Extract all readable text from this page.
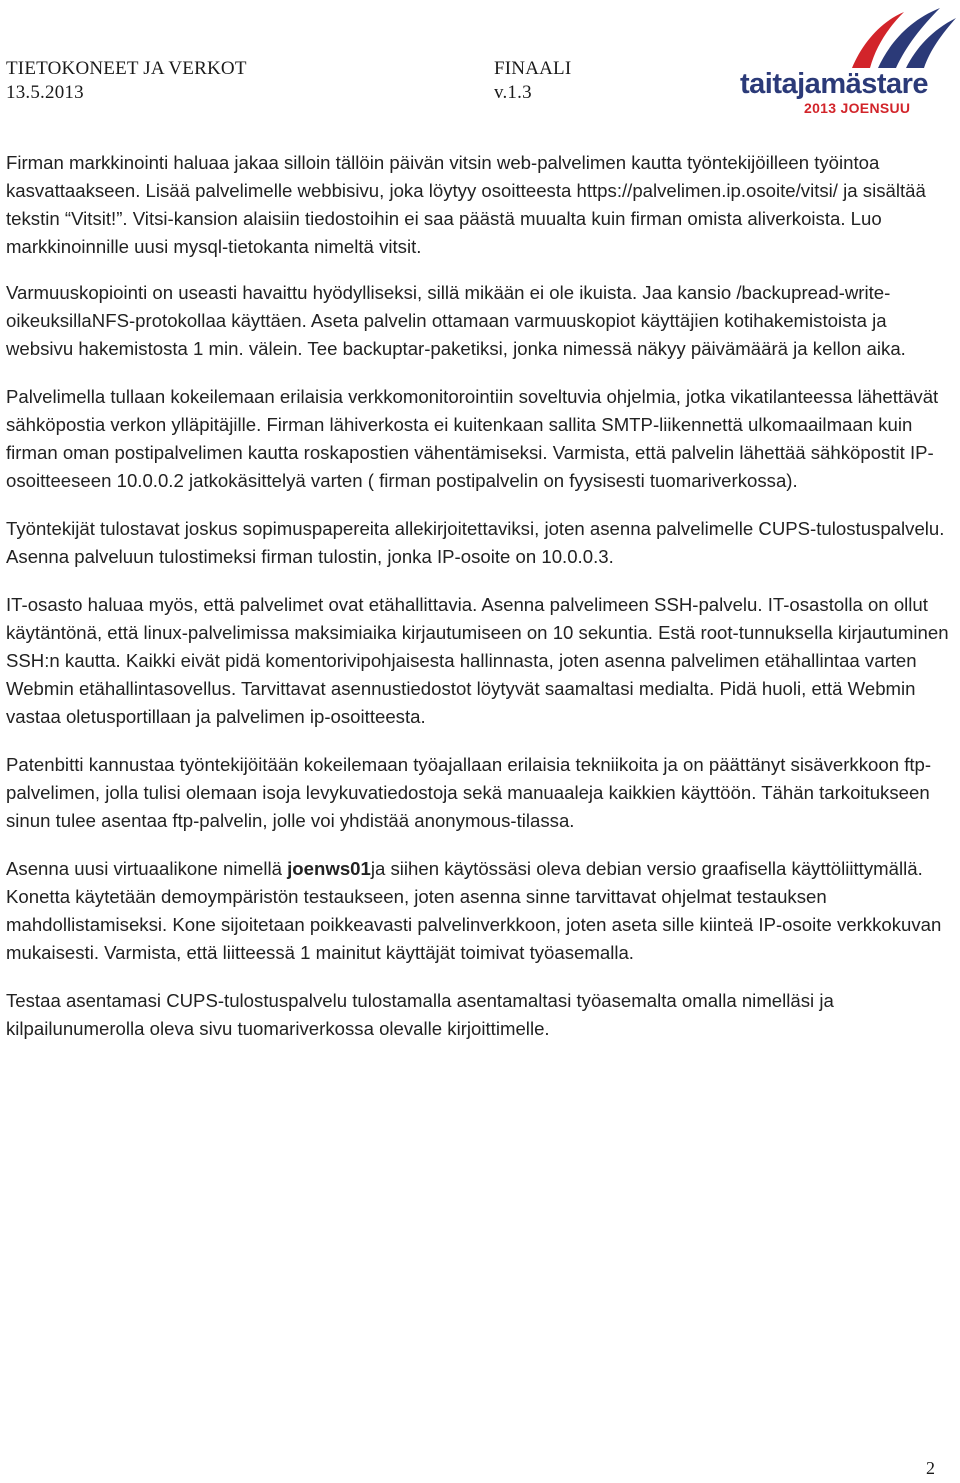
TIETOKONEET JA VERKOT
13.5.2013
FINAALI
v.1.3	taitajamästare
2013 JOENSUU

Firman markkinointi haluaa jakaa silloin tällöin päivän vitsin web-palvelimen kautta työntekijöilleen työintoa kasvattaakseen. Lisää palvelimelle webbisivu, joka löytyy osoitteesta https://palvelimen.ip.osoite/vitsi/ ja sisältää tekstin “Vitsit!”. Vitsi-kansion alaisiin tiedostoihin ei saa päästä muualta kuin firman omista aliverkoista. Luo markkinoinnille uusi mysql-tietokanta nimeltä vitsit.

Varmuuskopiointi on useasti havaittu hyödylliseksi, sillä mikään ei ole ikuista. Jaa kansio /backupread-write-oikeuksillaNFS-protokollaa käyttäen. Aseta palvelin ottamaan varmuuskopiot käyttäjien kotihakemistoista ja websivu hakemistosta 1 min. välein. Tee backuptar-paketiksi, jonka nimessä näkyy päivämäärä ja kellon aika.

Palvelimella tullaan kokeilemaan erilaisia verkkomonitorointiin soveltuvia ohjelmia, jotka vikatilanteessa lähettävät sähköpostia verkon ylläpitäjille. Firman lähiverkosta ei kuitenkaan sallita SMTP-liikennettä ulkomaailmaan kuin firman oman postipalvelimen kautta roskapostien vähentämiseksi. Varmista, että palvelin lähettää sähköpostit IP-osoitteeseen 10.0.0.2 jatkokäsittelyä varten ( firman postipalvelin on fyysisesti tuomariverkossa).

Työntekijät tulostavat joskus sopimuspapereita allekirjoitettaviksi, joten asenna palvelimelle CUPS-tulostuspalvelu. Asenna palveluun tulostimeksi firman tulostin, jonka IP-osoite on 10.0.0.3.

IT-osasto haluaa myös, että palvelimet ovat etähallittavia. Asenna palvelimeen SSH-palvelu. IT-osastolla on ollut käytäntönä, että linux-palvelimissa maksimiaika kirjautumiseen on 10 sekuntia. Estä root-tunnuksella kirjautuminen SSH:n kautta. Kaikki eivät pidä komentorivipohjaisesta hallinnasta, joten asenna palvelimen etähallintaa varten Webmin etähallintasovellus. Tarvittavat asennustiedostot löytyvät saamaltasi medialta. Pidä huoli, että Webmin vastaa oletusportillaan ja palvelimen ip-osoitteesta.

Patenbitti kannustaa työntekijöitään kokeilemaan työajallaan erilaisia tekniikoita ja on päättänyt sisäverkkoon ftp-palvelimen, jolla tulisi olemaan isoja levykuvatiedostoja sekä manuaaleja kaikkien käyttöön. Tähän tarkoitukseen sinun tulee asentaa ftp-palvelin, jolle voi yhdistää anonymous-tilassa.

Asenna uusi virtuaalikone nimellä joenws01ja siihen käytössäsi oleva debian versio graafisella käyttöliittymällä. Konetta käytetään demoympäristön testaukseen, joten asenna sinne tarvittavat ohjelmat testauksen mahdollistamiseksi. Kone sijoitetaan poikkeavasti palvelinverkkoon, joten aseta sille kiinteä IP-osoite verkkokuvan mukaisesti. Varmista, että liitteessä 1 mainitut käyttäjät toimivat työasemalla.

Testaa asentamasi CUPS-tulostuspalvelu tulostamalla asentamaltasi työasemalta omalla nimelläsi ja kilpailunumerolla oleva sivu tuomariverkossa olevalle kirjoittimelle.

2
